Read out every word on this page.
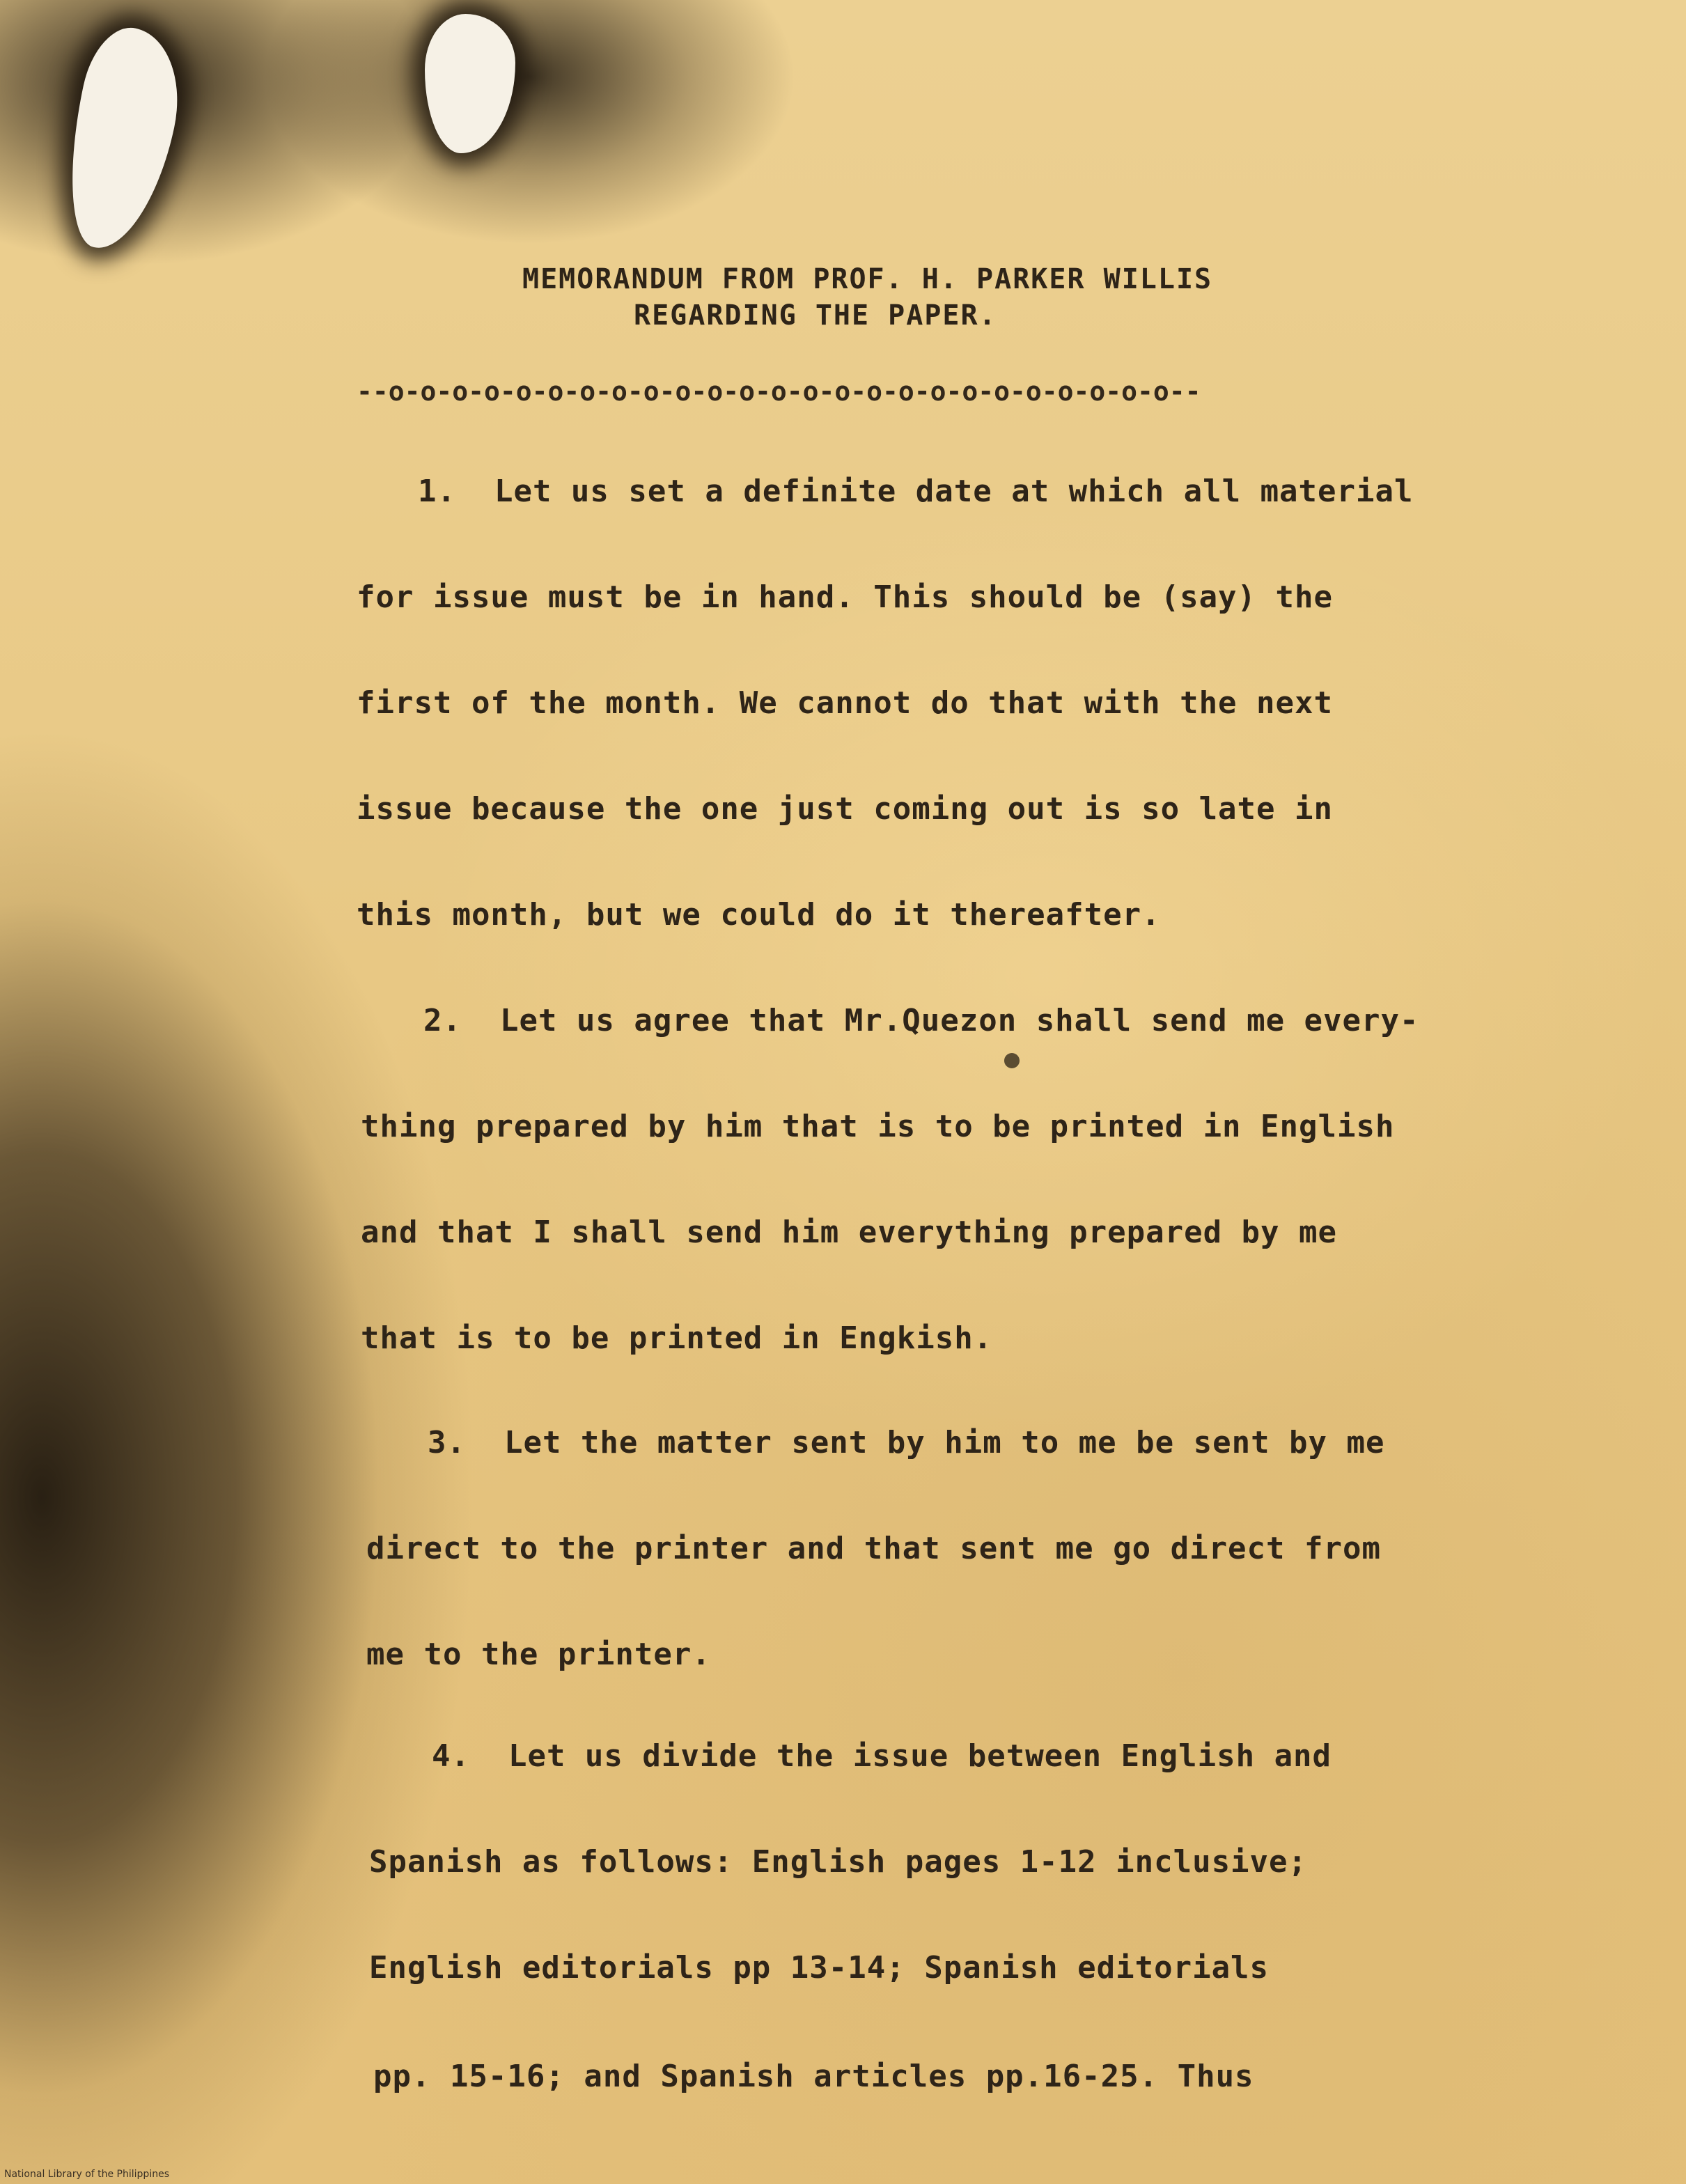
MEMORANDUM FROM PROF. H. PARKER WILLIS

REGARDING THE PAPER.

--o-o-o-o-o-o-o-o-o-o-o-o-o-o-o-o-o-o-o-o-o-o-o-o-o--

1.  Let us set a definite date at which all material

for issue must be in hand. This should be (say) the

first of the month. We cannot do that with the next

issue because the one just coming out is so late in

this month, but we could do it thereafter.

2.  Let us agree that Mr.Quezon shall send me every-

thing prepared by him that is to be printed in English

and that I shall send him everything prepared by me

that is to be printed in Engkish.

3.  Let the matter sent by him to me be sent by me

direct to the printer and that sent me go direct from

me to the printer.

4.  Let us divide the issue between English and

Spanish as follows: English pages 1-12 inclusive;

English editorials pp 13-14; Spanish editorials

pp. 15-16; and Spanish articles pp.16-25. Thus

National Library of the Philippines
